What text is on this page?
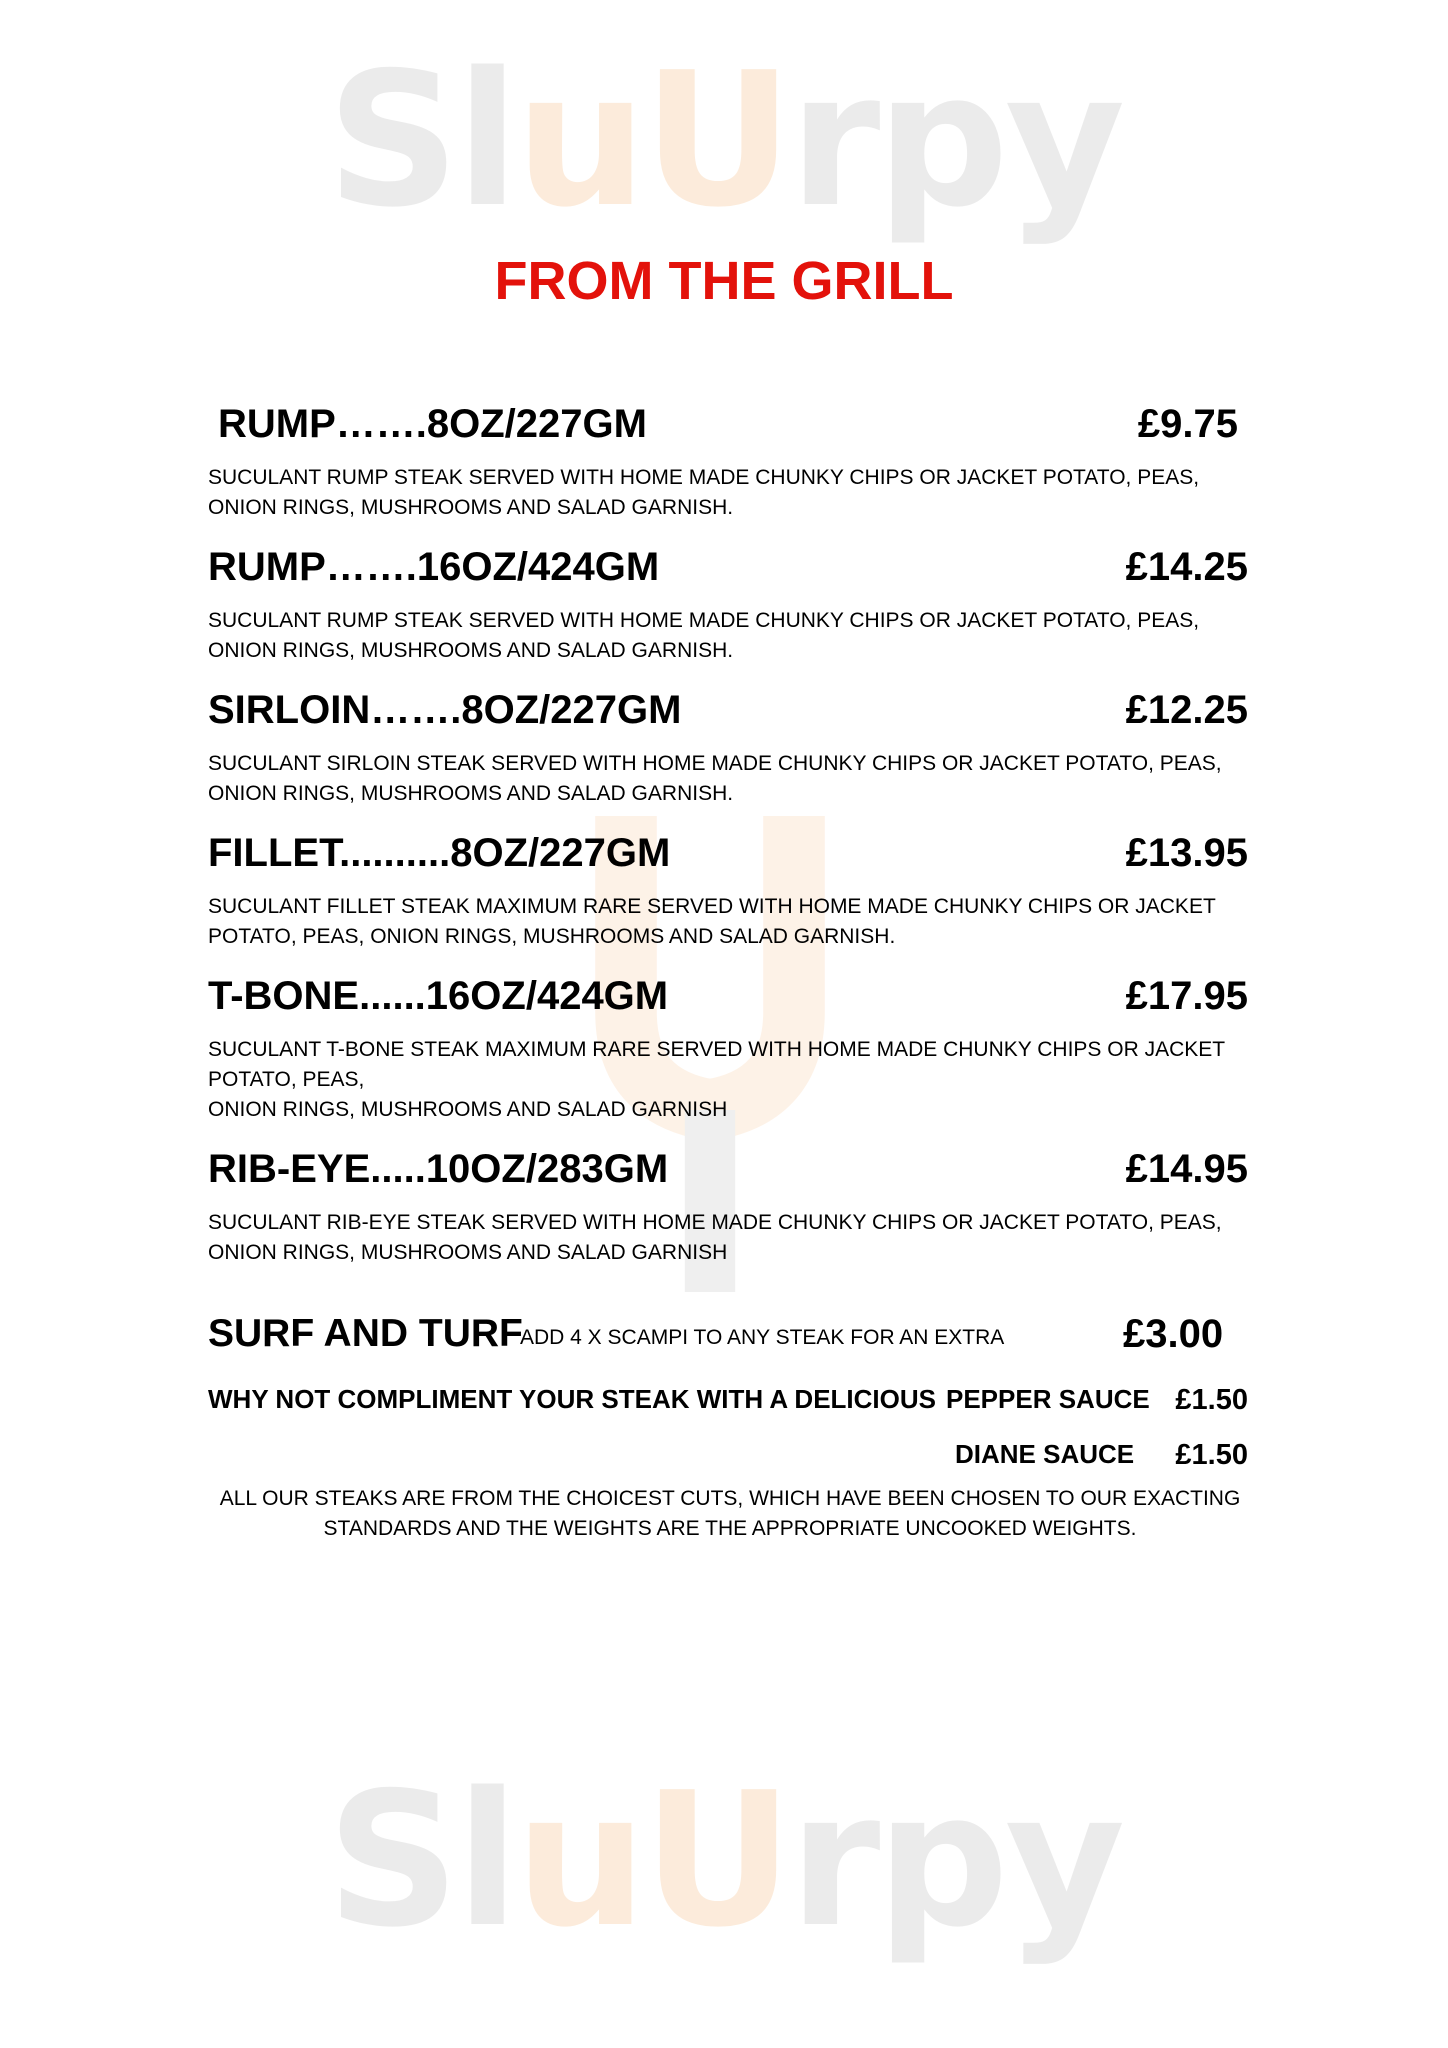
SluUrpy
SluUrpy
FROM THE GRILL
RUMP…….8OZ/227GM	£9.75
SUCULANT RUMP STEAK SERVED WITH HOME MADE CHUNKY CHIPS OR JACKET POTATO, PEAS,
ONION RINGS, MUSHROOMS AND SALAD GARNISH.
RUMP…….16OZ/424GM	£14.25
SUCULANT RUMP STEAK SERVED WITH HOME MADE CHUNKY CHIPS OR JACKET POTATO, PEAS,
ONION RINGS, MUSHROOMS AND SALAD GARNISH.
SIRLOIN…….8OZ/227GM	£12.25
SUCULANT SIRLOIN STEAK SERVED WITH HOME MADE CHUNKY CHIPS OR JACKET POTATO, PEAS,
ONION RINGS, MUSHROOMS AND SALAD GARNISH.
FILLET..........8OZ/227GM	£13.95
SUCULANT FILLET STEAK MAXIMUM RARE SERVED WITH HOME MADE CHUNKY CHIPS OR JACKET
POTATO, PEAS, ONION RINGS, MUSHROOMS AND SALAD GARNISH.
T-BONE......16OZ/424GM	£17.95
SUCULANT T-BONE STEAK MAXIMUM RARE SERVED WITH HOME MADE CHUNKY CHIPS OR JACKET
POTATO, PEAS,
ONION RINGS, MUSHROOMS AND SALAD GARNISH
RIB-EYE.....10OZ/283GM	£14.95
SUCULANT RIB-EYE STEAK SERVED WITH HOME MADE CHUNKY CHIPS OR JACKET POTATO, PEAS,
ONION RINGS, MUSHROOMS AND SALAD GARNISH
SURF AND TURF
ADD 4 X SCAMPI TO ANY STEAK FOR AN EXTRA	£3.00
WHY NOT COMPLIMENT YOUR STEAK WITH A DELICIOUS PEPPER SAUCE £1.50
DIANE SAUCE £1.50
ALL OUR STEAKS ARE FROM THE CHOICEST CUTS, WHICH HAVE BEEN CHOSEN TO OUR EXACTING
STANDARDS AND THE WEIGHTS ARE THE APPROPRIATE UNCOOKED WEIGHTS.
